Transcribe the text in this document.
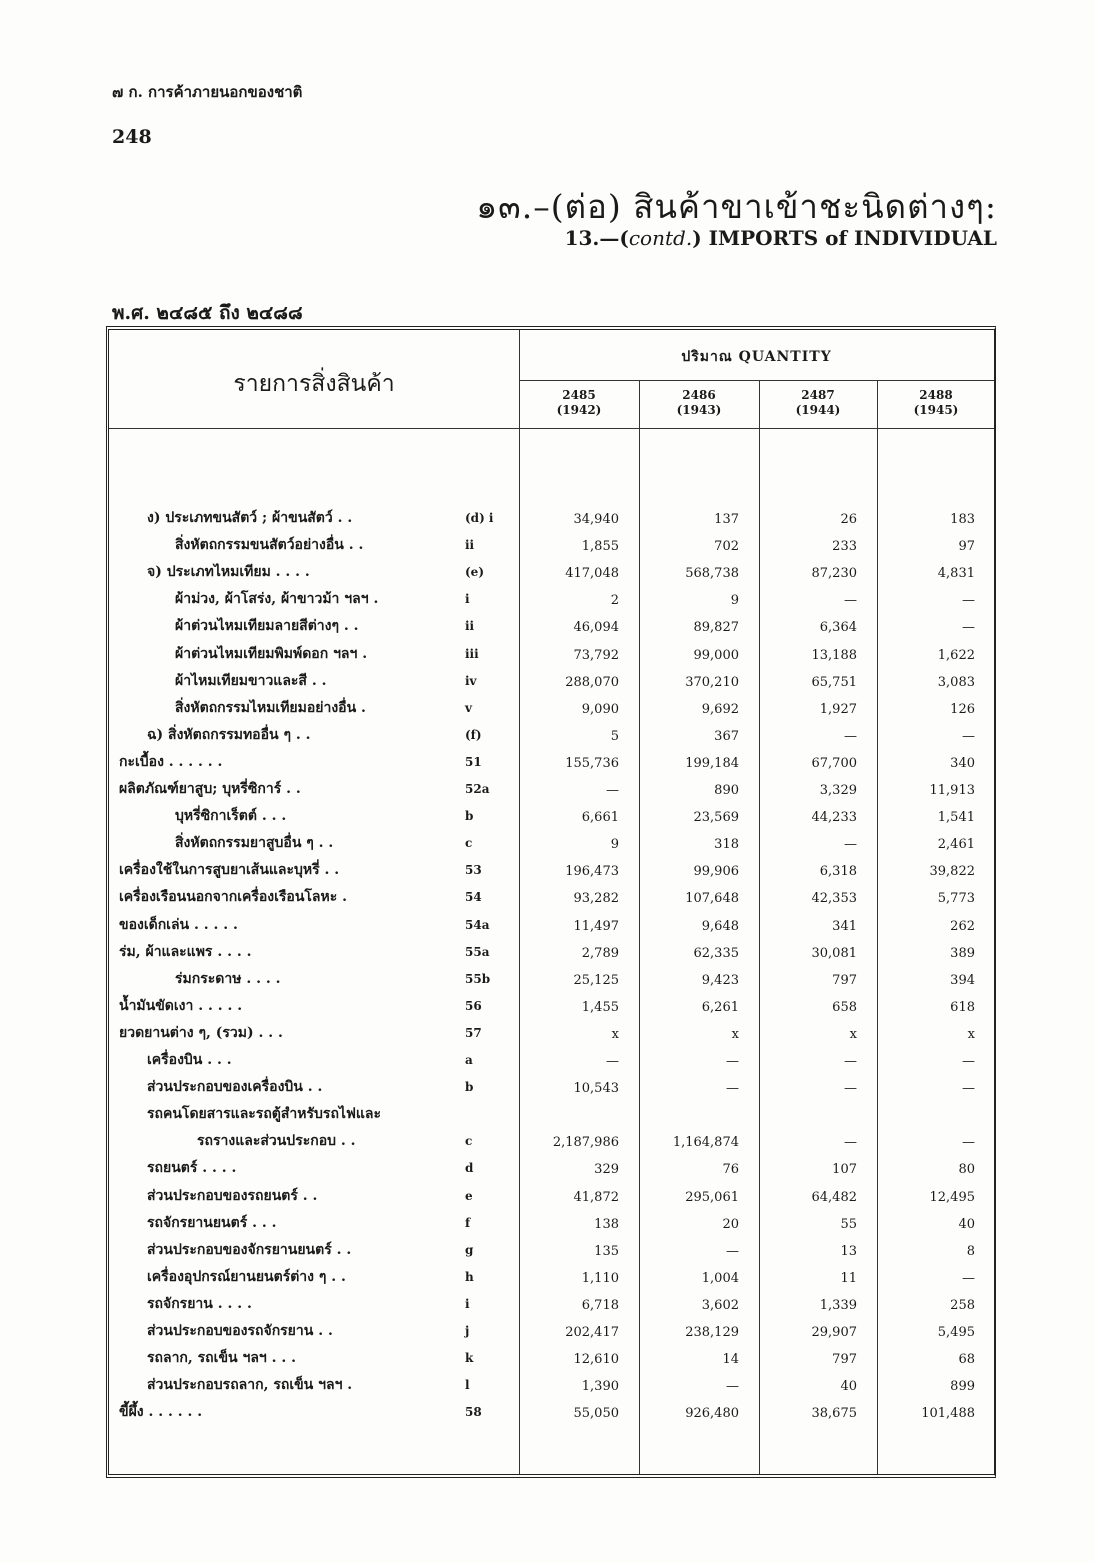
๗ ก. การค้าภายนอกของชาติ
248
๑๓.–(ต่อ) สินค้าขาเข้าชะนิดต่างๆ:
13.—(contd.) IMPORTS of INDIVIDUAL
พ.ศ. ๒๔๘๕ ถึง ๒๔๘๘
รายการสิ่งสินค้า
ปริมาณ QUANTITY
2485
(1942)
2486
(1943)
2487
(1944)
2488
(1945)
ง) ประเภทขนสัตว์ ; ผ้าขนสัตว์ . .	(d) i	34,940	137	26	183
สิ่งหัตถกรรมขนสัตว์อย่างอื่น . .	ii	1,855	702	233	97
จ) ประเภทไหมเทียม . . . .	(e)	417,048	568,738	87,230	4,831
ผ้าม่วง, ผ้าโสร่ง, ผ้าขาวม้า ฯลฯ .	i	2	9	—	—
ผ้าต่วนไหมเทียมลายสีต่างๆ . .	ii	46,094	89,827	6,364	—
ผ้าต่วนไหมเทียมพิมพ์ดอก ฯลฯ .	iii	73,792	99,000	13,188	1,622
ผ้าไหมเทียมขาวและสี . .	iv	288,070	370,210	65,751	3,083
สิ่งหัตถกรรมไหมเทียมอย่างอื่น .	v	9,090	9,692	1,927	126
ฉ) สิ่งหัตถกรรมทออื่น ๆ . .	(f)	5	367	—	—
กะเบื้อง . . . . . .	51	155,736	199,184	67,700	340
ผลิตภัณฑ์ยาสูบ; บุหรี่ซิการ์ . .	52a	—	890	3,329	11,913
บุหรี่ซิกาเร็ตต์ . . .	b	6,661	23,569	44,233	1,541
สิ่งหัตถกรรมยาสูบอื่น ๆ . .	c	9	318	—	2,461
เครื่องใช้ในการสูบยาเส้นและบุหรี่ . .	53	196,473	99,906	6,318	39,822
เครื่องเรือนนอกจากเครื่องเรือนโลหะ .	54	93,282	107,648	42,353	5,773
ของเด็กเล่น . . . . .	54a	11,497	9,648	341	262
ร่ม, ผ้าและแพร . . . .	55a	2,789	62,335	30,081	389
ร่มกระดาษ . . . .	55b	25,125	9,423	797	394
น้ำมันขัดเงา . . . . .	56	1,455	6,261	658	618
ยวดยานต่าง ๆ, (รวม) . . .	57	x	x	x	x
เครื่องบิน . . .	a	—	—	—	—
ส่วนประกอบของเครื่องบิน . .	b	10,543	—	—	—
รถคนโดยสารและรถตู้สำหรับรถไฟและ
รถรางและส่วนประกอบ . .	c	2,187,986	1,164,874	—	—
รถยนตร์ . . . .	d	329	76	107	80
ส่วนประกอบของรถยนตร์ . .	e	41,872	295,061	64,482	12,495
รถจักรยานยนตร์ . . .	f	138	20	55	40
ส่วนประกอบของจักรยานยนตร์ . .	g	135	—	13	8
เครื่องอุปกรณ์ยานยนตร์ต่าง ๆ . .	h	1,110	1,004	11	—
รถจักรยาน . . . .	i	6,718	3,602	1,339	258
ส่วนประกอบของรถจักรยาน . .	j	202,417	238,129	29,907	5,495
รถลาก, รถเข็น ฯลฯ . . .	k	12,610	14	797	68
ส่วนประกอบรถลาก, รถเข็น ฯลฯ .	l	1,390	—	40	899
ขี้ผึ้ง . . . . . .	58	55,050	926,480	38,675	101,488
